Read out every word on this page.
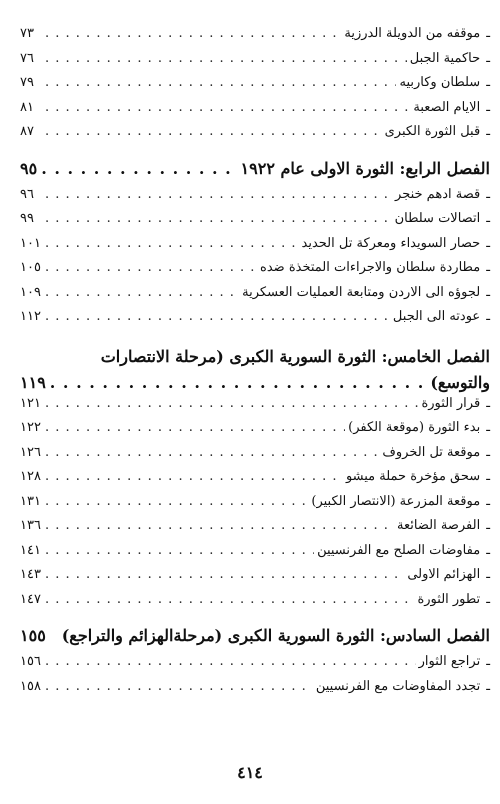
ـ
موقفه من الدويلة الدرزية
. . .
٧٣
ـ
حاكمية الجبل
. . .
٧٦
ـ
سلطان وكاربيه
. . .
٧٩
ـ
الايام الصعبة
. . .
٨١
ـ
قبل الثورة الكبرى
. . .
٨٧
الفصل الرابع: الثورة الاولى عام ١٩٢٢
. . .
٩٥
ـ
قصة ادهم خنجر
. . .
٩٦
ـ
اتصالات سلطان
. . .
٩٩
ـ
حصار السويداء ومعركة تل الحديد
. . .
١٠١
ـ
مطاردة سلطان والاجراءات المتخذة ضده
. . .
١٠٥
ـ
لجوؤه الى الاردن ومتابعة العمليات العسكرية
. . .
١٠٩
ـ
عودته الى الجبل
. . .
١١٢
الفصل الخامس: الثورة السورية الكبرى (مرحلة الانتصارات
والتوسع)
. . .
١١٩
ـ
قرار الثورة
. . .
١٢١
ـ
بدء الثورة (موقعة الكفر)
. . .
١٢٢
ـ
موقعة تل الخروف
. . .
١٢٦
ـ
سحق مؤخرة حملة ميشو
. . .
١٢٨
ـ
موقعة المزرعة (الانتصار الكبير)
. . .
١٣١
ـ
الفرصة الضائعة
. . .
١٣٦
ـ
مفاوضات الصلح مع الفرنسيين
. . .
١٤١
ـ
الهزائم الاولى
. . .
١٤٣
ـ
تطور الثورة
. . .
١٤٧
الفصل السادس: الثورة السورية الكبرى (مرحلةالهزائم والتراجع)
١٥٥
ـ
تراجع الثوار
. . .
١٥٦
ـ
تجدد المفاوضات مع الفرنسيين
. . .
١٥٨
٤١٤
